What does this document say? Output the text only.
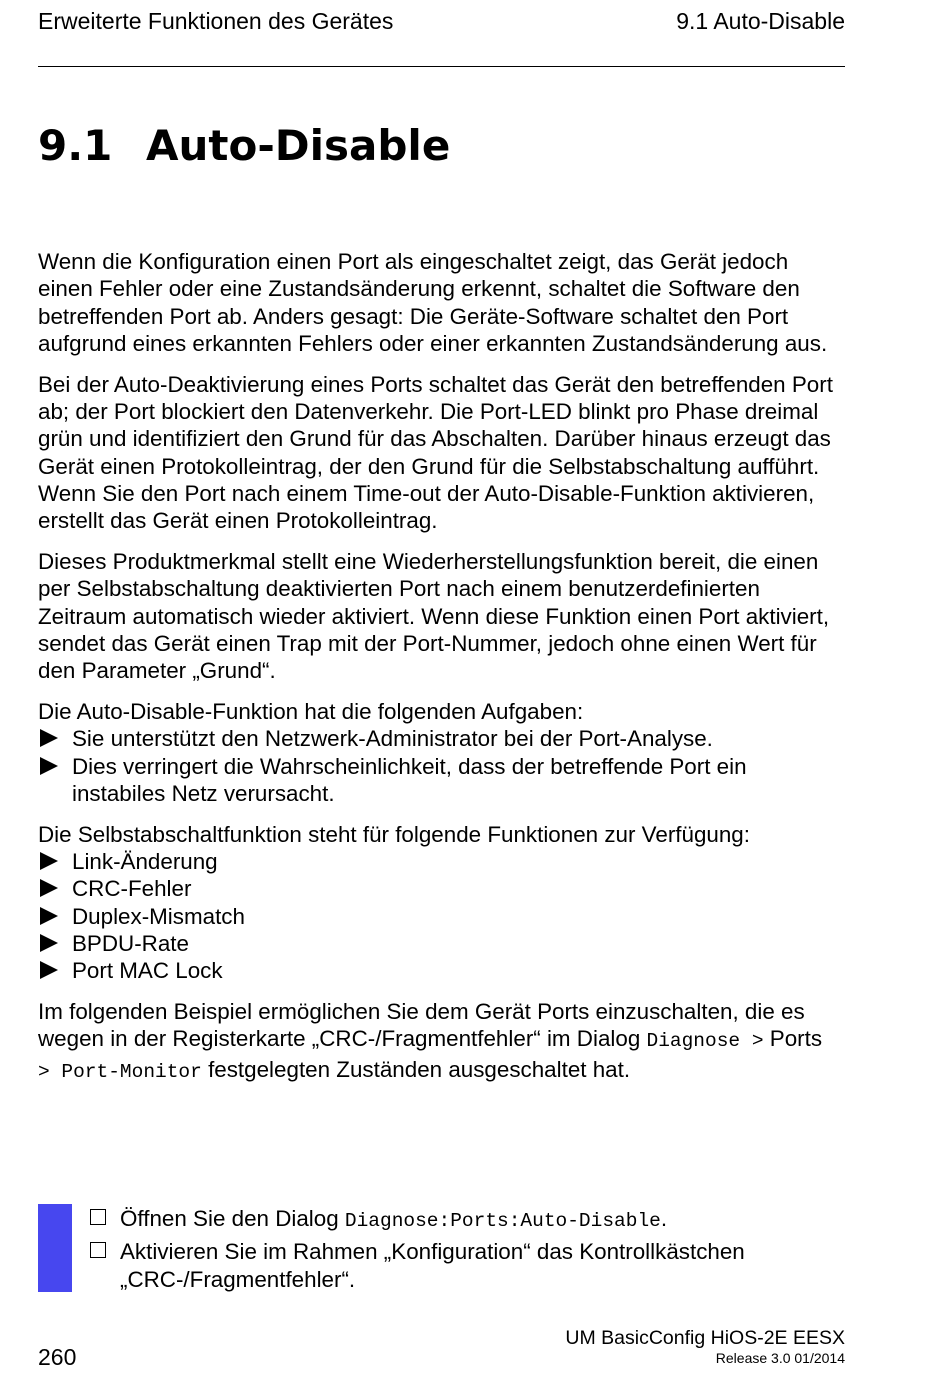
Erweiterte Funktionen des Gerätes	9.1 Auto-Disable
9.1 Auto-Disable

Wenn die Konfiguration einen Port als eingeschaltet zeigt, das Gerät jedoch einen Fehler oder eine Zustandsänderung erkennt, schaltet die Software den betreffenden Port ab. Anders gesagt: Die Geräte-Software schaltet den Port aufgrund eines erkannten Fehlers oder einer erkannten Zustandsänderung aus.

Bei der Auto-Deaktivierung eines Ports schaltet das Gerät den betreffenden Port ab; der Port blockiert den Datenverkehr. Die Port-LED blinkt pro Phase dreimal grün und identifiziert den Grund für das Abschalten. Darüber hinaus erzeugt das Gerät einen Protokolleintrag, der den Grund für die Selbstabschaltung aufführt. Wenn Sie den Port nach einem Time-out der Auto-Disable-Funktion aktivieren, erstellt das Gerät einen Protokolleintrag.

Dieses Produktmerkmal stellt eine Wiederherstellungsfunktion bereit, die einen per Selbstabschaltung deaktivierten Port nach einem benutzerdefinierten Zeitraum automatisch wieder aktiviert. Wenn diese Funktion einen Port aktiviert, sendet das Gerät einen Trap mit der Port-Nummer, jedoch ohne einen Wert für den Parameter „Grund“.

Die Auto-Disable-Funktion hat die folgenden Aufgaben:

Sie unterstützt den Netzwerk-Administrator bei der Port-Analyse.
Dies verringert die Wahrscheinlichkeit, dass der betreffende Port ein instabiles Netz verursacht.

Die Selbstabschaltfunktion steht für folgende Funktionen zur Verfügung:

Link-Änderung
CRC-Fehler
Duplex-Mismatch
BPDU-Rate
Port MAC Lock

Im folgenden Beispiel ermöglichen Sie dem Gerät Ports einzuschalten, die es wegen in der Registerkarte „CRC-/Fragmentfehler“ im Dialog Diagnose > Ports > Port-Monitor festgelegten Zuständen ausgeschaltet hat.

Öffnen Sie den Dialog Diagnose:Ports:Auto-Disable.
Aktivieren Sie im Rahmen „Konfiguration“ das Kontrollkästchen „CRC-/Fragmentfehler“.
260
UM BasicConfig HiOS-2E EESX
Release 3.0 01/2014
